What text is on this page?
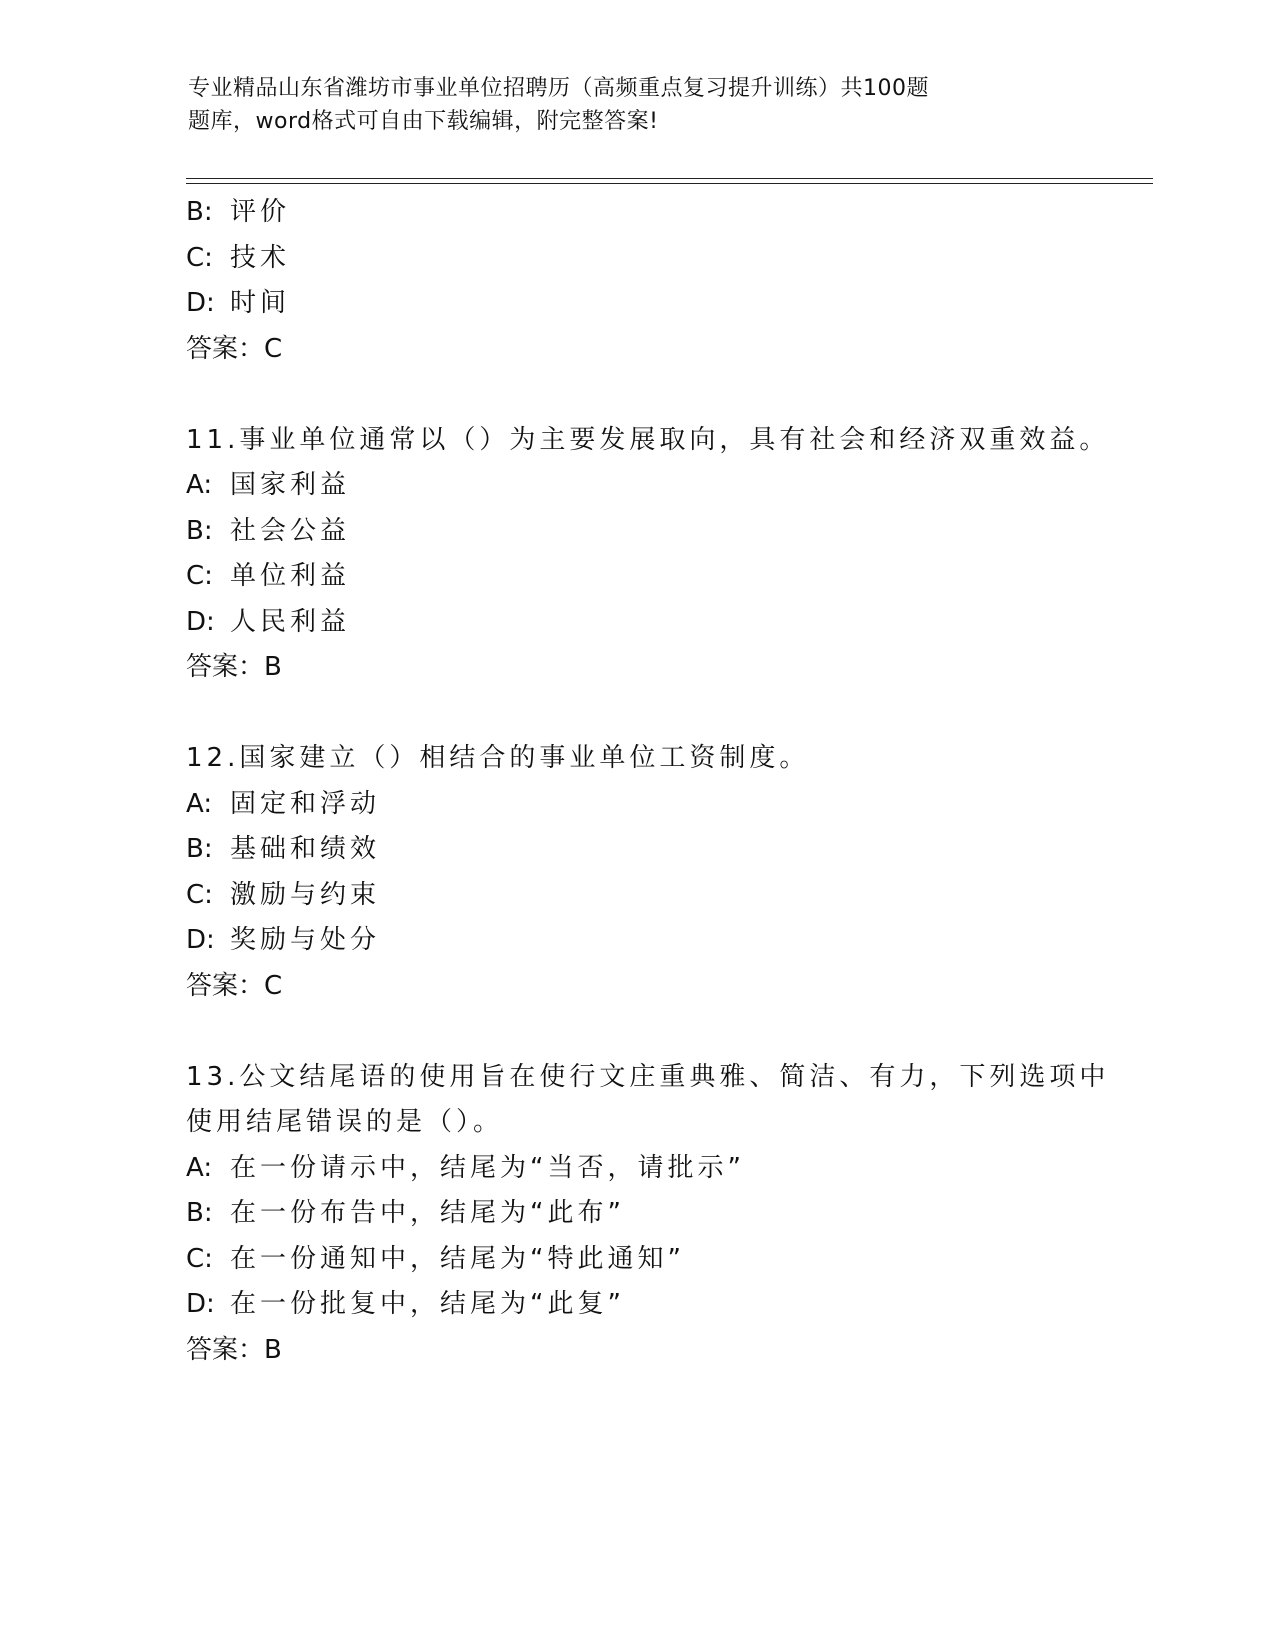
专业精品山东省潍坊市事业单位招聘历（高频重点复习提升训练）共100题
题库，word格式可自由下载编辑，附完整答案!
B: 评价
C: 技术
D: 时间
答案：C
11.事业单位通常以（）为主要发展取向，具有社会和经济双重效益。
A: 国家利益
B: 社会公益
C: 单位利益
D: 人民利益
答案：B
12.国家建立（）相结合的事业单位工资制度。
A: 固定和浮动
B: 基础和绩效
C: 激励与约束
D: 奖励与处分
答案：C
13.公文结尾语的使用旨在使行文庄重典雅、简洁、有力，下列选项中
使用结尾错误的是（）。
A: 在一份请示中，结尾为“当否，请批示”
B: 在一份布告中，结尾为“此布”
C: 在一份通知中，结尾为“特此通知”
D: 在一份批复中，结尾为“此复”
答案：B
